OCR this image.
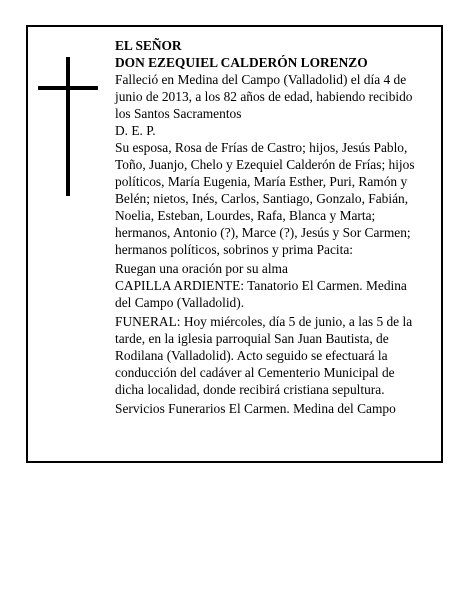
EL SEÑOR

DON EZEQUIEL CALDERÓN LORENZO

Falleció en Medina del Campo (Valladolid) el día 4 de junio de 2013, a los 82 años de edad, habiendo recibido los Santos Sacramentos

D. E. P.

Su esposa, Rosa de Frías de Castro; hijos, Jesús Pablo, Toño, Juanjo, Chelo y Ezequiel Calderón de Frías; hijos políticos, María Eugenia, María Esther, Puri, Ramón y Belén; nietos, Inés, Carlos, Santiago, Gonzalo, Fabián, Noelia, Esteban, Lourdes, Rafa, Blanca y Marta; hermanos, Antonio (?), Marce (?), Jesús y Sor Carmen; hermanos políticos, sobrinos y prima Pacita:

Ruegan una oración por su alma

CAPILLA ARDIENTE: Tanatorio El Carmen. Medina del Campo (Valladolid).

FUNERAL: Hoy miércoles, día 5 de junio, a las 5 de la tarde, en la iglesia parroquial San Juan Bautista, de Rodilana (Valladolid). Acto seguido se efectuará la conducción del cadáver al Cementerio Municipal de dicha localidad, donde recibirá cristiana sepultura.

Servicios Funerarios El Carmen. Medina del Campo
